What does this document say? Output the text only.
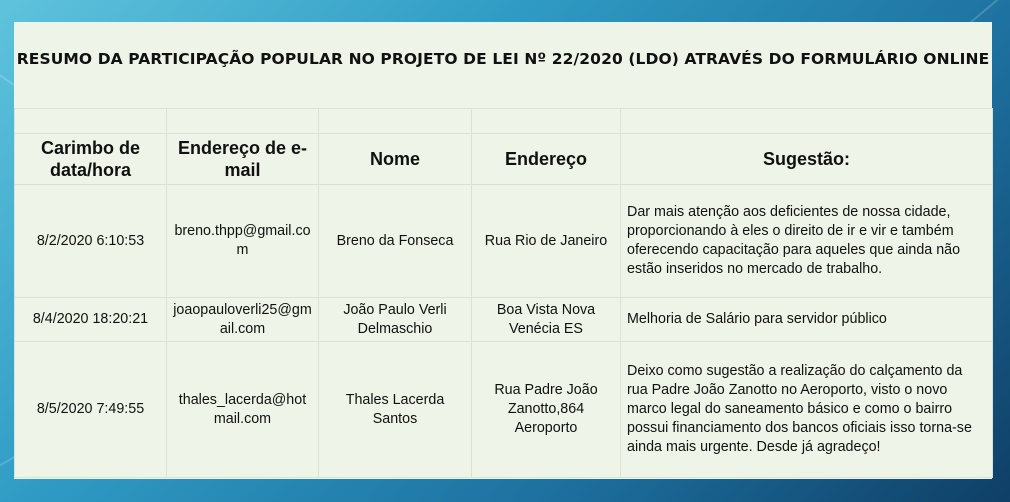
RESUMO DA PARTICIPAÇÃO POPULAR NO PROJETO DE LEI Nº 22/2020 (LDO) ATRAVÉS DO FORMULÁRIO ONLINE

Carimbo de data/hora	Endereço de e-mail	Nome	Endereço	Sugestão:
8/2/2020 6:10:53	breno.thpp@gmail.com	Breno da Fonseca	Rua Rio de Janeiro	Dar mais atenção aos deficientes de nossa cidade, proporcionando à eles o direito de ir e vir e também oferecendo capacitação para aqueles que ainda não estão inseridos no mercado de trabalho.
8/4/2020 18:20:21	joaopauloverli25@gmail.com	João Paulo Verli Delmaschio	Boa Vista Nova Venécia ES	Melhoria de Salário para servidor público
8/5/2020 7:49:55	thales_lacerda@hotmail.com	Thales Lacerda Santos	Rua Padre João Zanotto,864 Aeroporto	Deixo como sugestão a realização do calçamento da rua Padre João Zanotto no Aeroporto, visto o novo marco legal do saneamento básico e como o bairro possui financiamento dos bancos oficiais isso torna-se ainda mais urgente. Desde já agradeço!
